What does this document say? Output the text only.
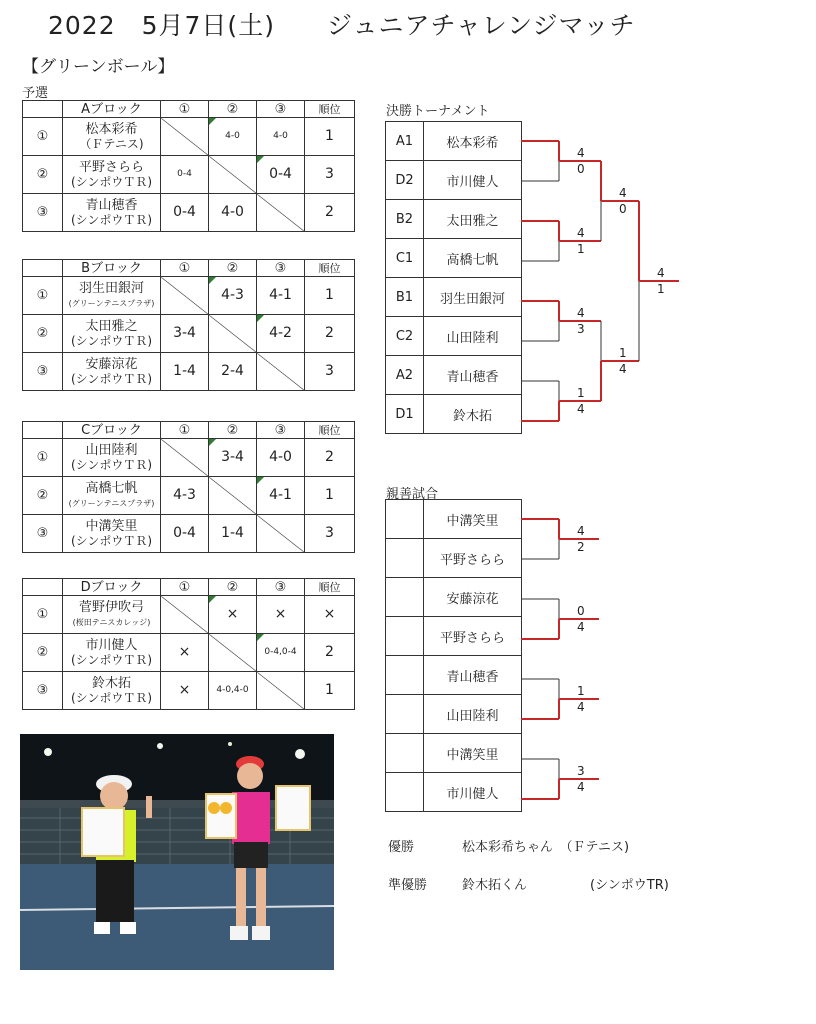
2022　5月7日(土)　　ジュニアチャレンジマッチ
【グリーンボール】
予選
	Aブロック	①	②	③	順位
①	松本彩希
（Ｆテニス)		4-0	4-0	1
②	平野さらら
(シンポウＴＲ)	0-4		0-4	3
③	青山穂香
(シンポウＴＲ)	0-4	4-0		2
	Bブロック	①	②	③	順位
①	羽生田銀河
(グリーンテニスプラザ)		4-3	4-1	1
②	太田雅之
(シンポウＴＲ)	3-4		4-2	2
③	安藤涼花
(シンポウＴＲ)	1-4	2-4		3
	Cブロック	①	②	③	順位
①	山田陸利
(シンポウＴＲ)		3-4	4-0	2
②	高橋七帆
(グリーンテニスプラザ)	4-3		4-1	1
③	中溝笑里
(シンポウＴＲ)	0-4	1-4		3
	Dブロック	①	②	③	順位
①	菅野伊吹弓
(桜田テニスカレッジ)		×	×	×
②	市川健人
(シンポウＴＲ)	×		0-4,0-4	2
③	鈴木拓
(シンポウＴＲ)	×	4-0,4-0		1
決勝トーナメント
A1	松本彩希
D2	市川健人
B2	太田雅之
C1	高橋七帆
B1	羽生田銀河
C2	山田陸利
A2	青山穂香
D1	鈴木拓
親善試合
	中溝笑里
	平野さらら
	安藤涼花
	平野さらら
	青山穂香
	山田陸利
	中溝笑里
	市川健人
4
0
4
1
4
3
1
4
4
0
1
4
4
1
4
2
0
4
1
4
3
4
優勝	松本彩希ちゃん　（Ｆテニス)
準優勝	鈴木拓くん	(シンポウTR)
